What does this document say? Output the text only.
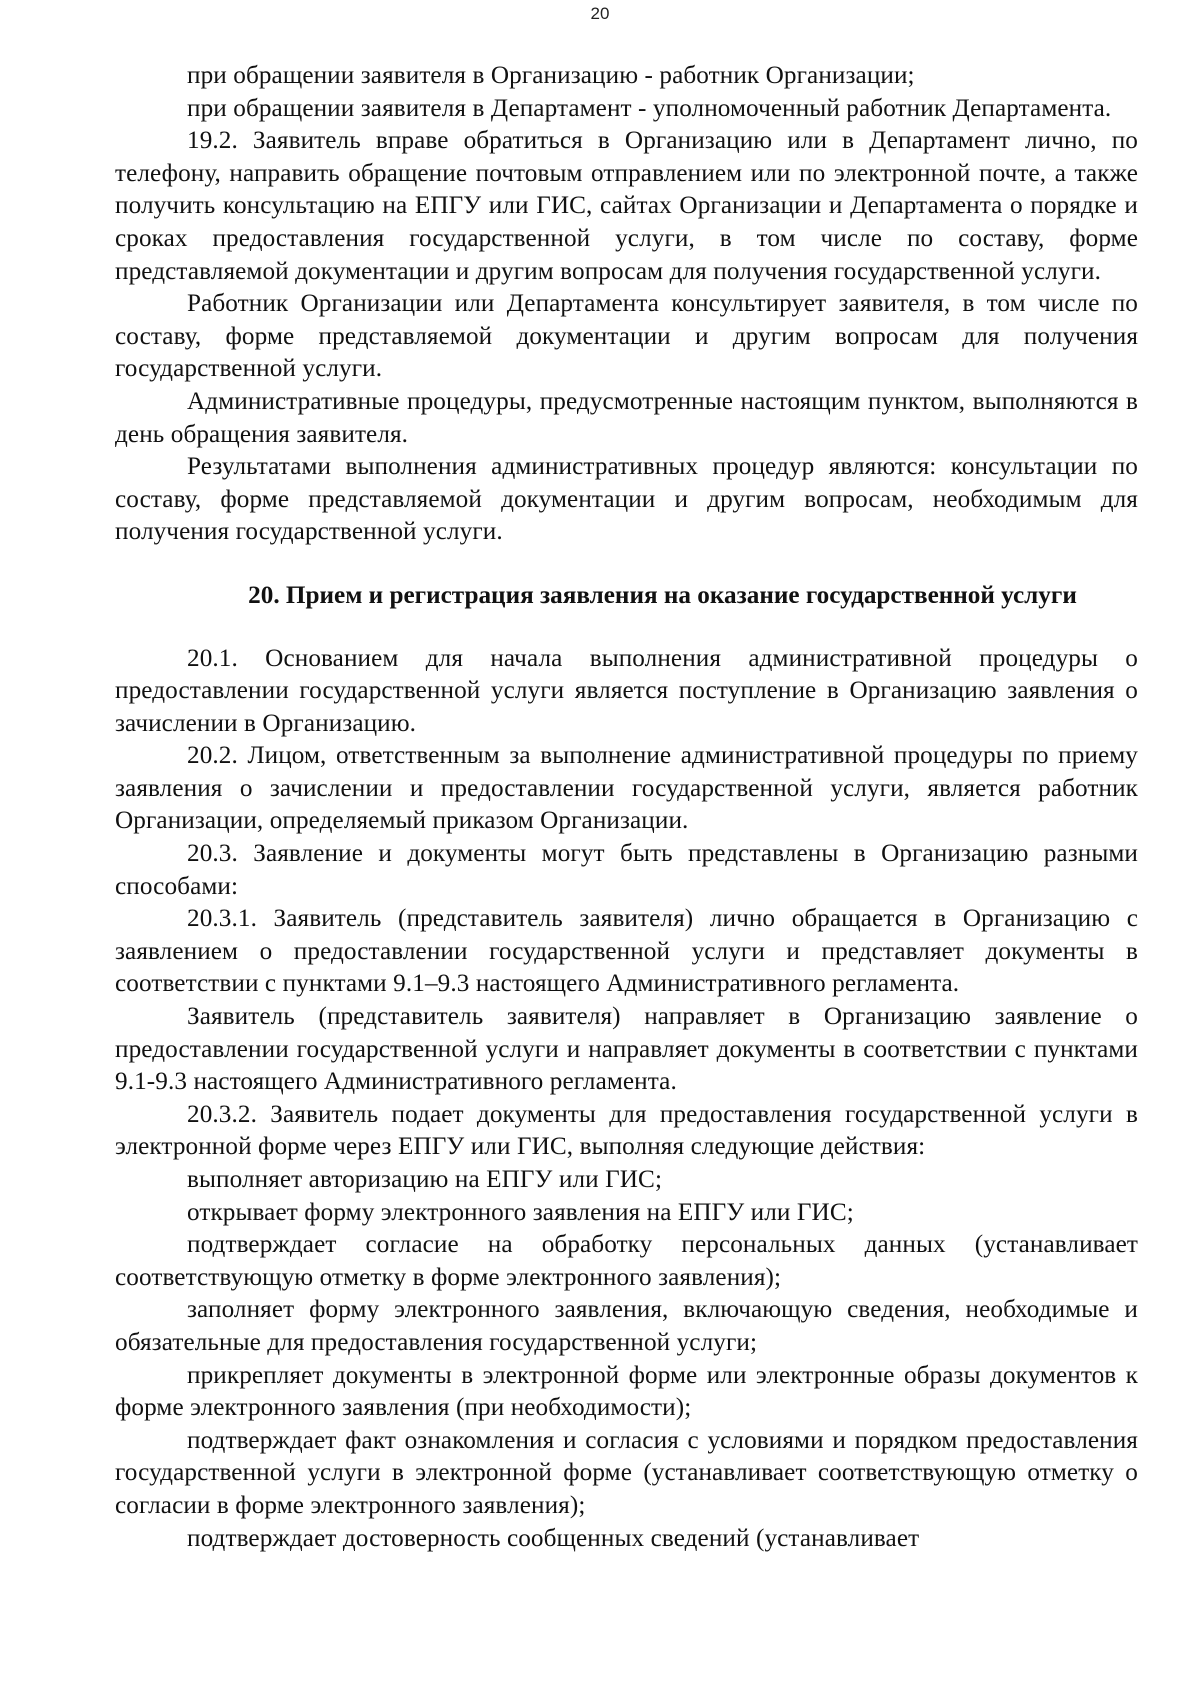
20

при обращении заявителя в Организацию - работник Организации;

при обращении заявителя в Департамент - уполномоченный работник Департамента.

19.2. Заявитель вправе обратиться в Организацию или в Департамент лично, по телефону, направить обращение почтовым отправлением или по электронной почте, а также получить консультацию на ЕПГУ или ГИС, сайтах Организации и Департамента о порядке и сроках предоставления государственной услуги, в том числе по составу, форме представляемой документации и другим вопросам для получения государственной услуги.

Работник Организации или Департамента консультирует заявителя, в том числе по составу, форме представляемой документации и другим вопросам для получения государственной услуги.

Административные процедуры, предусмотренные настоящим пунктом, выполняются в день обращения заявителя.

Результатами выполнения административных процедур являются: консультации по составу, форме представляемой документации и другим вопросам, необходимым для получения государственной услуги.

20. Прием и регистрация заявления на оказание государственной услуги

20.1. Основанием для начала выполнения административной процедуры о предоставлении государственной услуги является поступление в Организацию заявления о зачислении в Организацию.

20.2. Лицом, ответственным за выполнение административной процедуры по приему заявления о зачислении и предоставлении государственной услуги, является работник Организации, определяемый приказом Организации.

20.3. Заявление и документы могут быть представлены в Организацию разными способами:

20.3.1. Заявитель (представитель заявителя) лично обращается в Организацию с заявлением о предоставлении государственной услуги и представляет документы в соответствии с пунктами 9.1–9.3 настоящего Административного регламента.

Заявитель (представитель заявителя) направляет в Организацию заявление о предоставлении государственной услуги и направляет документы в соответствии с пунктами 9.1-9.3 настоящего Административного регламента.

20.3.2. Заявитель подает документы для предоставления государственной услуги в электронной форме через ЕПГУ или ГИС, выполняя следующие действия:

выполняет авторизацию на ЕПГУ или ГИС;

открывает форму электронного заявления на ЕПГУ или ГИС;

подтверждает согласие на обработку персональных данных (устанавливает соответствующую отметку в форме электронного заявления);

заполняет форму электронного заявления, включающую сведения, необходимые и обязательные для предоставления государственной услуги;

прикрепляет документы в электронной форме или электронные образы документов к форме электронного заявления (при необходимости);

подтверждает факт ознакомления и согласия с условиями и порядком предоставления государственной услуги в электронной форме (устанавливает соответствующую отметку о согласии в форме электронного заявления);

подтверждает достоверность сообщенных сведений (устанавливает
